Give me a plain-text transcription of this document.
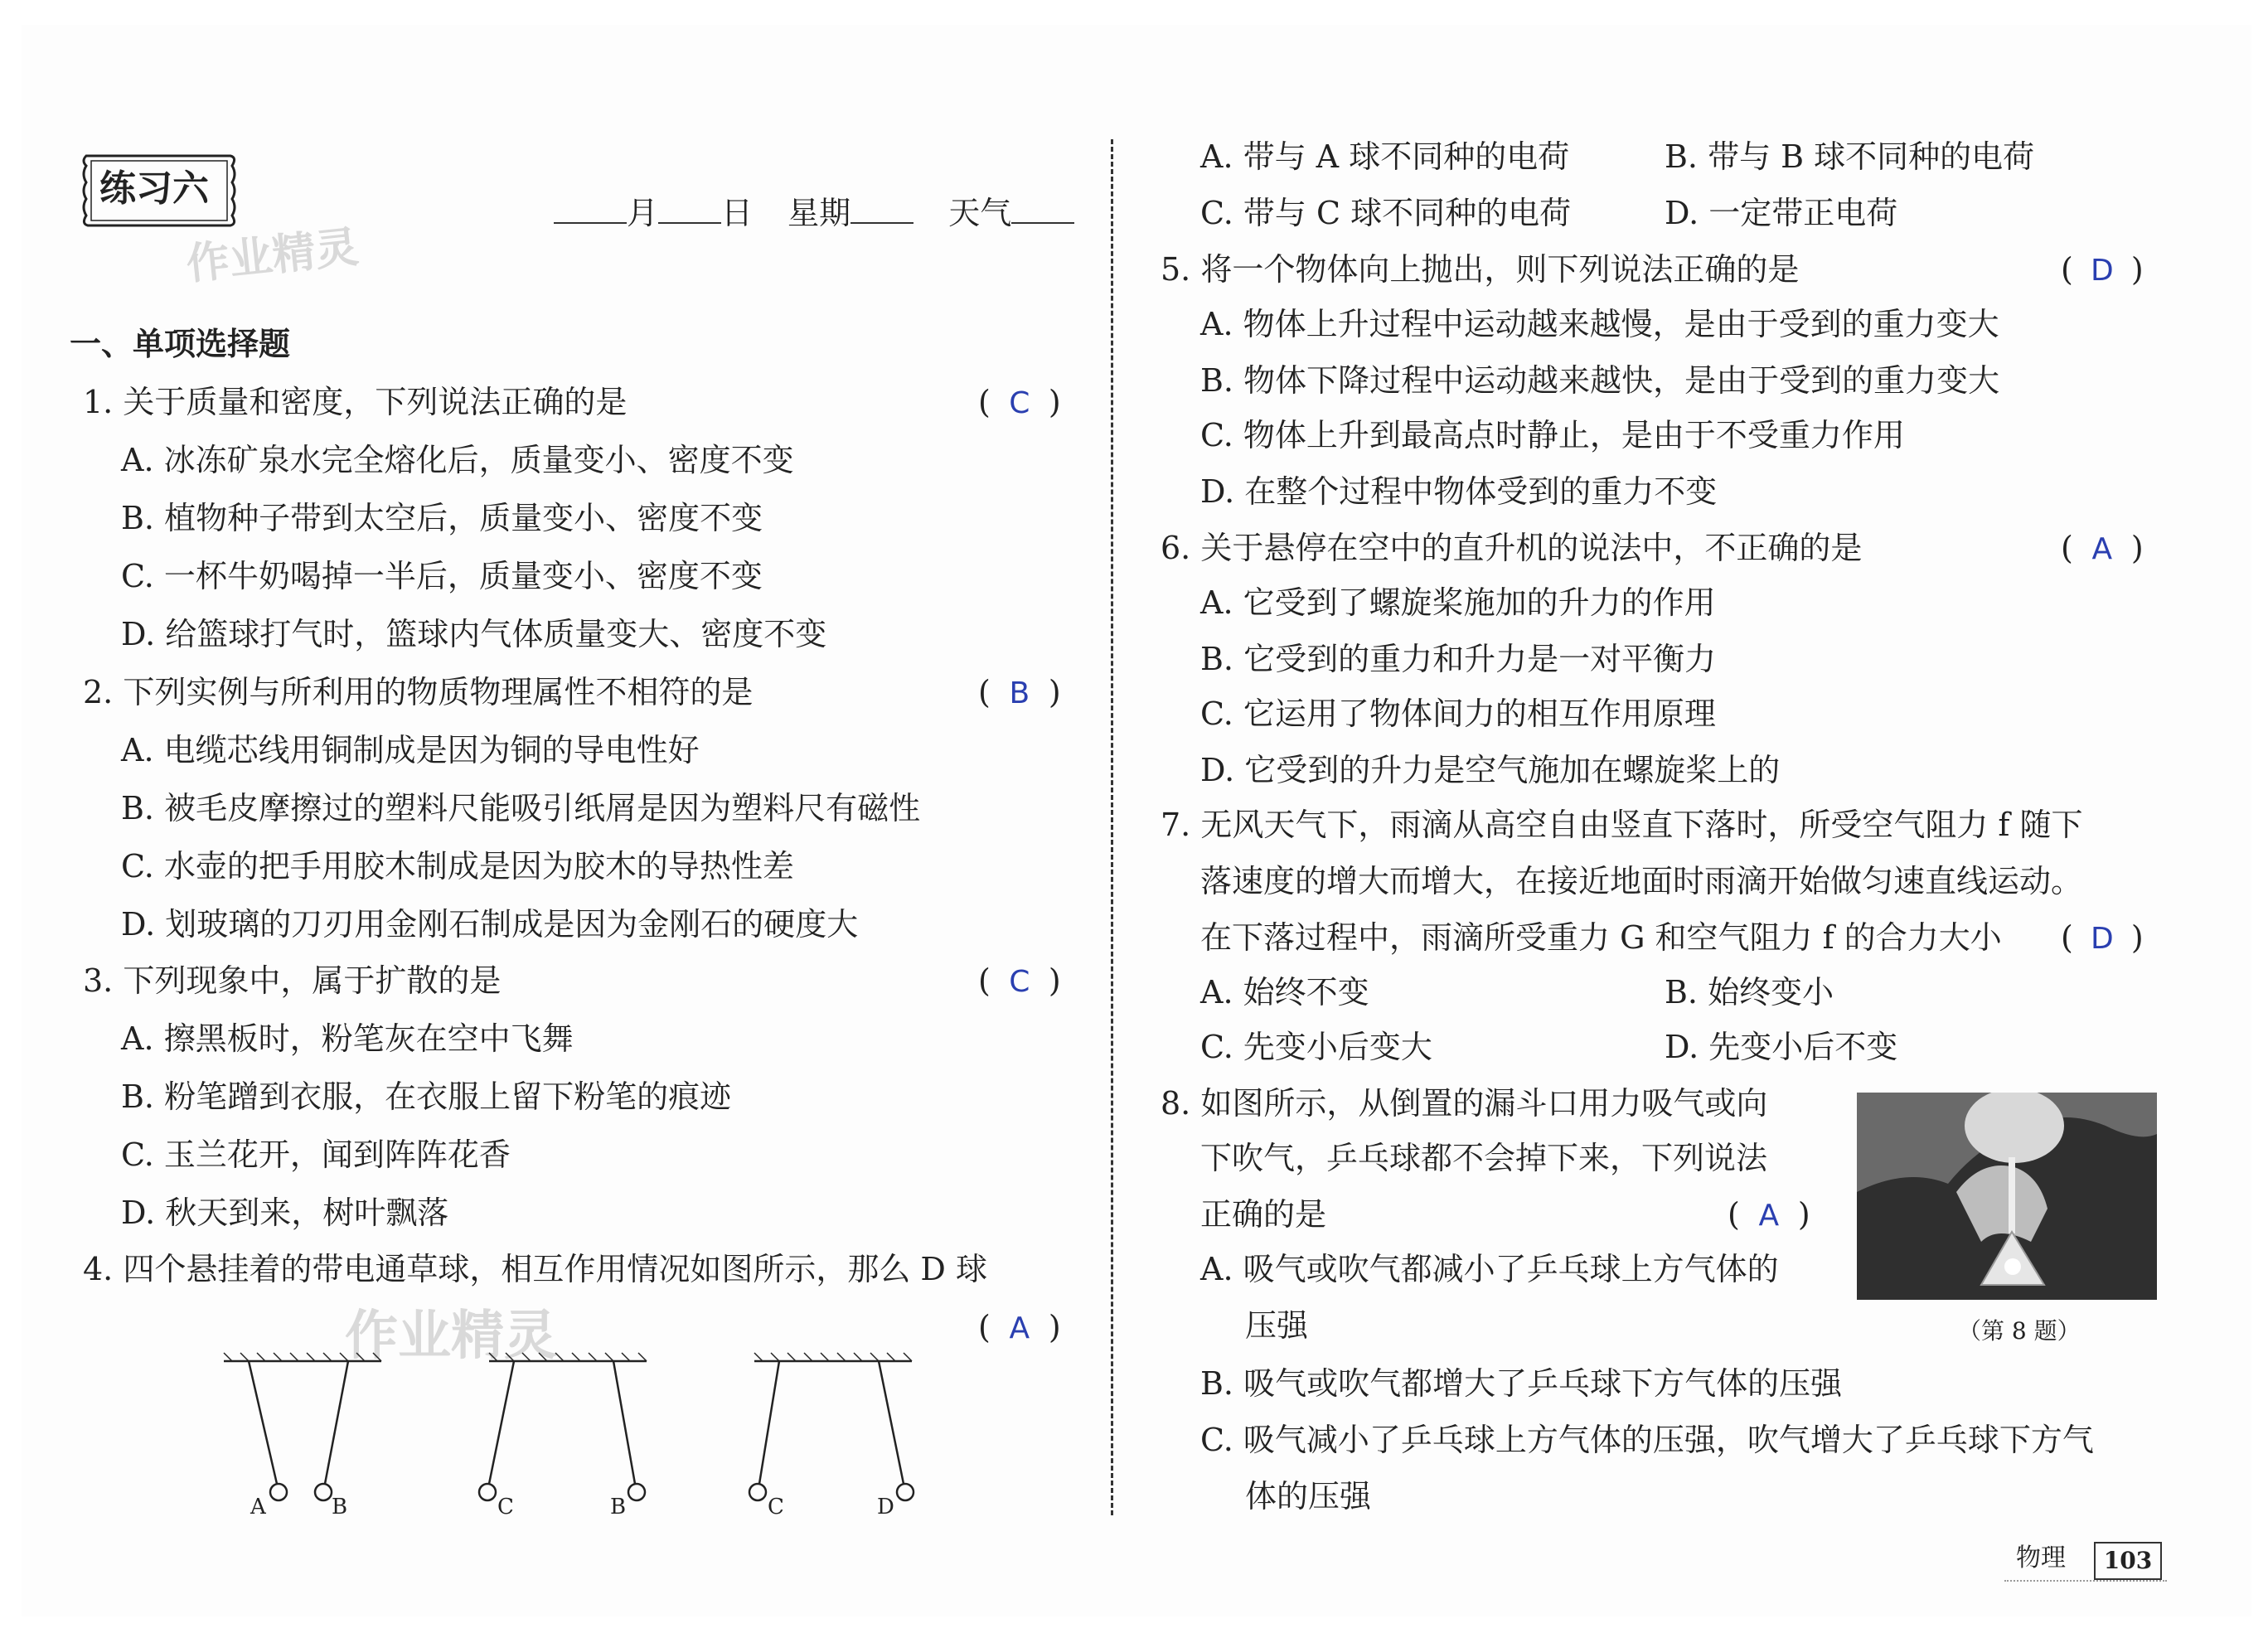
练习六
作业精灵
月 日 星期	天气
一、单项选择题
1. 关于质量和密度，下列说法正确的是	( C )
A. 冰冻矿泉水完全熔化后，质量变小、密度不变
B. 植物种子带到太空后，质量变小、密度不变
C. 一杯牛奶喝掉一半后，质量变小、密度不变
D. 给篮球打气时，篮球内气体质量变大、密度不变
2. 下列实例与所利用的物质物理属性不相符的是	( B )
A. 电缆芯线用铜制成是因为铜的导电性好
B. 被毛皮摩擦过的塑料尺能吸引纸屑是因为塑料尺有磁性
C. 水壶的把手用胶木制成是因为胶木的导热性差
D. 划玻璃的刀刃用金刚石制成是因为金刚石的硬度大
3. 下列现象中，属于扩散的是	( C )
A. 擦黑板时，粉笔灰在空中飞舞
B. 粉笔蹭到衣服，在衣服上留下粉笔的痕迹
C. 玉兰花开，闻到阵阵花香
D. 秋天到来，树叶飘落
4. 四个悬挂着的带电通草球，相互作用情况如图所示，那么 D 球
( A )
作业精灵
A	B	C	B	C	D
A. 带与 A 球不同种的电荷	B. 带与 B 球不同种的电荷
C. 带与 C 球不同种的电荷	D. 一定带正电荷
5. 将一个物体向上抛出，则下列说法正确的是	( D )
A. 物体上升过程中运动越来越慢，是由于受到的重力变大
B. 物体下降过程中运动越来越快，是由于受到的重力变大
C. 物体上升到最高点时静止，是由于不受重力作用
D. 在整个过程中物体受到的重力不变
6. 关于悬停在空中的直升机的说法中，不正确的是	( A )
A. 它受到了螺旋桨施加的升力的作用
B. 它受到的重力和升力是一对平衡力
C. 它运用了物体间力的相互作用原理
D. 它受到的升力是空气施加在螺旋桨上的
7. 无风天气下，雨滴从高空自由竖直下落时，所受空气阻力 f 随下
落速度的增大而增大，在接近地面时雨滴开始做匀速直线运动。
在下落过程中，雨滴所受重力 G 和空气阻力 f 的合力大小 ( D )
A. 始终不变	B. 始终变小
C. 先变小后变大	D. 先变小后不变
8. 如图所示，从倒置的漏斗口用力吸气或向
下吹气，乒乓球都不会掉下来，下列说法
正确的是	( A )
A. 吸气或吹气都减小了乒乓球上方气体的
压强
B. 吸气或吹气都增大了乒乓球下方气体的压强
C. 吸气减小了乒乓球上方气体的压强，吹气增大了乒乓球下方气
体的压强
（第 8 题）
物理	103
